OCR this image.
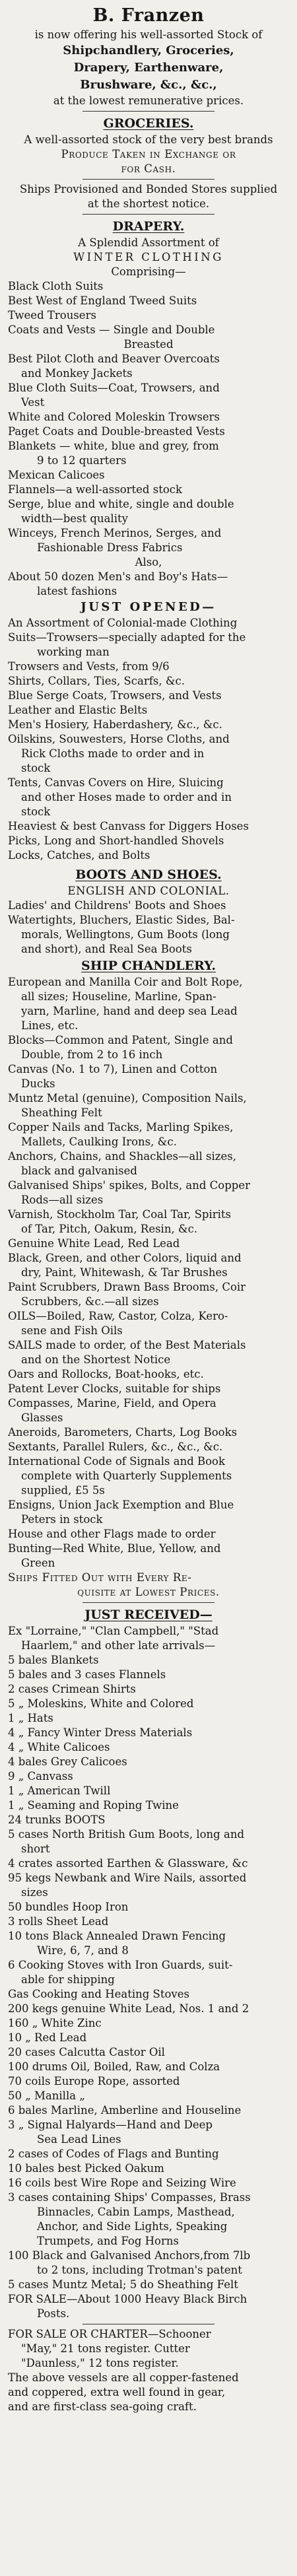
B. Franzen
is now offering his well-assorted Stock of
Shipchandlery, Groceries,
Drapery, Earthenware,
Brushware, &c., &c.,
at the lowest remunerative prices.
GROCERIES.
A well-assorted stock of the very best brands
Produce Taken in Exchange or
for Cash.
Ships Provisioned and Bonded Stores supplied
at the shortest notice.
DRAPERY.
A Splendid Assortment of
WINTER CLOTHING
Comprising—
Black Cloth Suits
Best West of England Tweed Suits
Tweed Trousers
Coats and Vests — Single and Double
Breasted
Best Pilot Cloth and Beaver Overcoats
and Monkey Jackets
Blue Cloth Suits—Coat, Trowsers, and
Vest
White and Colored Moleskin Trowsers
Paget Coats and Double-breasted Vests
Blankets — white, blue and grey, from
9 to 12 quarters
Mexican Calicoes
Flannels—a well-assorted stock
Serge, blue and white, single and double
width—best quality
Winceys, French Merinos, Serges, and
Fashionable Dress Fabrics
Also,
About 50 dozen Men's and Boy's Hats—
latest fashions
JUST OPENED—
An Assortment of Colonial-made Clothing
Suits—Trowsers—specially adapted for the
working man
Trowsers and Vests, from 9/6
Shirts, Collars, Ties, Scarfs, &c.
Blue Serge Coats, Trowsers, and Vests
Leather and Elastic Belts
Men's Hosiery, Haberdashery, &c., &c.
Oilskins, Souwesters, Horse Cloths, and
Rick Cloths made to order and in
stock
Tents, Canvas Covers on Hire, Sluicing
and other Hoses made to order and in
stock
Heaviest & best Canvass for Diggers Hoses
Picks, Long and Short-handled Shovels
Locks, Catches, and Bolts
BOOTS AND SHOES.
ENGLISH AND COLONIAL.
Ladies' and Childrens' Boots and Shoes
Watertights, Bluchers, Elastic Sides, Bal-
morals, Wellingtons, Gum Boots (long
and short), and Real Sea Boots
SHIP CHANDLERY.
European and Manilla Coir and Bolt Rope,
all sizes; Houseline, Marline, Span-
yarn, Marline, hand and deep sea Lead
Lines, etc.
Blocks—Common and Patent, Single and
Double, from 2 to 16 inch
Canvas (No. 1 to 7), Linen and Cotton
Ducks
Muntz Metal (genuine), Composition Nails,
Sheathing Felt
Copper Nails and Tacks, Marling Spikes,
Mallets, Caulking Irons, &c.
Anchors, Chains, and Shackles—all sizes,
black and galvanised
Galvanised Ships' spikes, Bolts, and Copper
Rods—all sizes
Varnish, Stockholm Tar, Coal Tar, Spirits
of Tar, Pitch, Oakum, Resin, &c.
Genuine White Lead, Red Lead
Black, Green, and other Colors, liquid and
dry, Paint, Whitewash, & Tar Brushes
Paint Scrubbers, Drawn Bass Brooms, Coir
Scrubbers, &c.—all sizes
OILS—Boiled, Raw, Castor, Colza, Kero-
sene and Fish Oils
SAILS made to order, of the Best Materials
and on the Shortest Notice
Oars and Rollocks, Boat-hooks, etc.
Patent Lever Clocks, suitable for ships
Compasses, Marine, Field, and Opera
Glasses
Aneroids, Barometers, Charts, Log Books
Sextants, Parallel Rulers, &c., &c., &c.
International Code of Signals and Book
complete with Quarterly Supplements
supplied, £5 5s
Ensigns, Union Jack Exemption and Blue
Peters in stock
House and other Flags made to order
Bunting—Red White, Blue, Yellow, and
Green
Ships Fitted Out with Every Re-
quisite at Lowest Prices.
JUST RECEIVED—
Ex "Lorraine," "Clan Campbell," "Stad
Haarlem," and other late arrivals—
5 bales Blankets
5 bales and 3 cases Flannels
2 cases Crimean Shirts
5 „ Moleskins, White and Colored
1 „ Hats
4 „ Fancy Winter Dress Materials
4 „ White Calicoes
4 bales Grey Calicoes
9 „ Canvass
1 „ American Twill
1 „ Seaming and Roping Twine
24 trunks BOOTS
5 cases North British Gum Boots, long and
short
4 crates assorted Earthen & Glassware, &c
95 kegs Newbank and Wire Nails, assorted
sizes
50 bundles Hoop Iron
3 rolls Sheet Lead
10 tons Black Annealed Drawn Fencing
Wire, 6, 7, and 8
6 Cooking Stoves with Iron Guards, suit-
able for shipping
Gas Cooking and Heating Stoves
200 kegs genuine White Lead, Nos. 1 and 2
160 „ White Zinc
10 „ Red Lead
20 cases Calcutta Castor Oil
100 drums Oil, Boiled, Raw, and Colza
70 coils Europe Rope, assorted
50 „ Manilla „
6 bales Marline, Amberline and Houseline
3 „ Signal Halyards—Hand and Deep
Sea Lead Lines
2 cases of Codes of Flags and Bunting
10 bales best Picked Oakum
16 coils best Wire Rope and Seizing Wire
3 cases containing Ships' Compasses, Brass
Binnacles, Cabin Lamps, Masthead,
Anchor, and Side Lights, Speaking
Trumpets, and Fog Horns
100 Black and Galvanised Anchors,from 7lb
to 2 tons, including Trotman's patent
5 cases Muntz Metal; 5 do Sheathing Felt
FOR SALE—About 1000 Heavy Black Birch
Posts.
FOR SALE OR CHARTER—Schooner
"May," 21 tons register. Cutter
"Daunless," 12 tons register.
The above vessels are all copper-fastened
and coppered, extra well found in gear,
and are first-class sea-going craft.
